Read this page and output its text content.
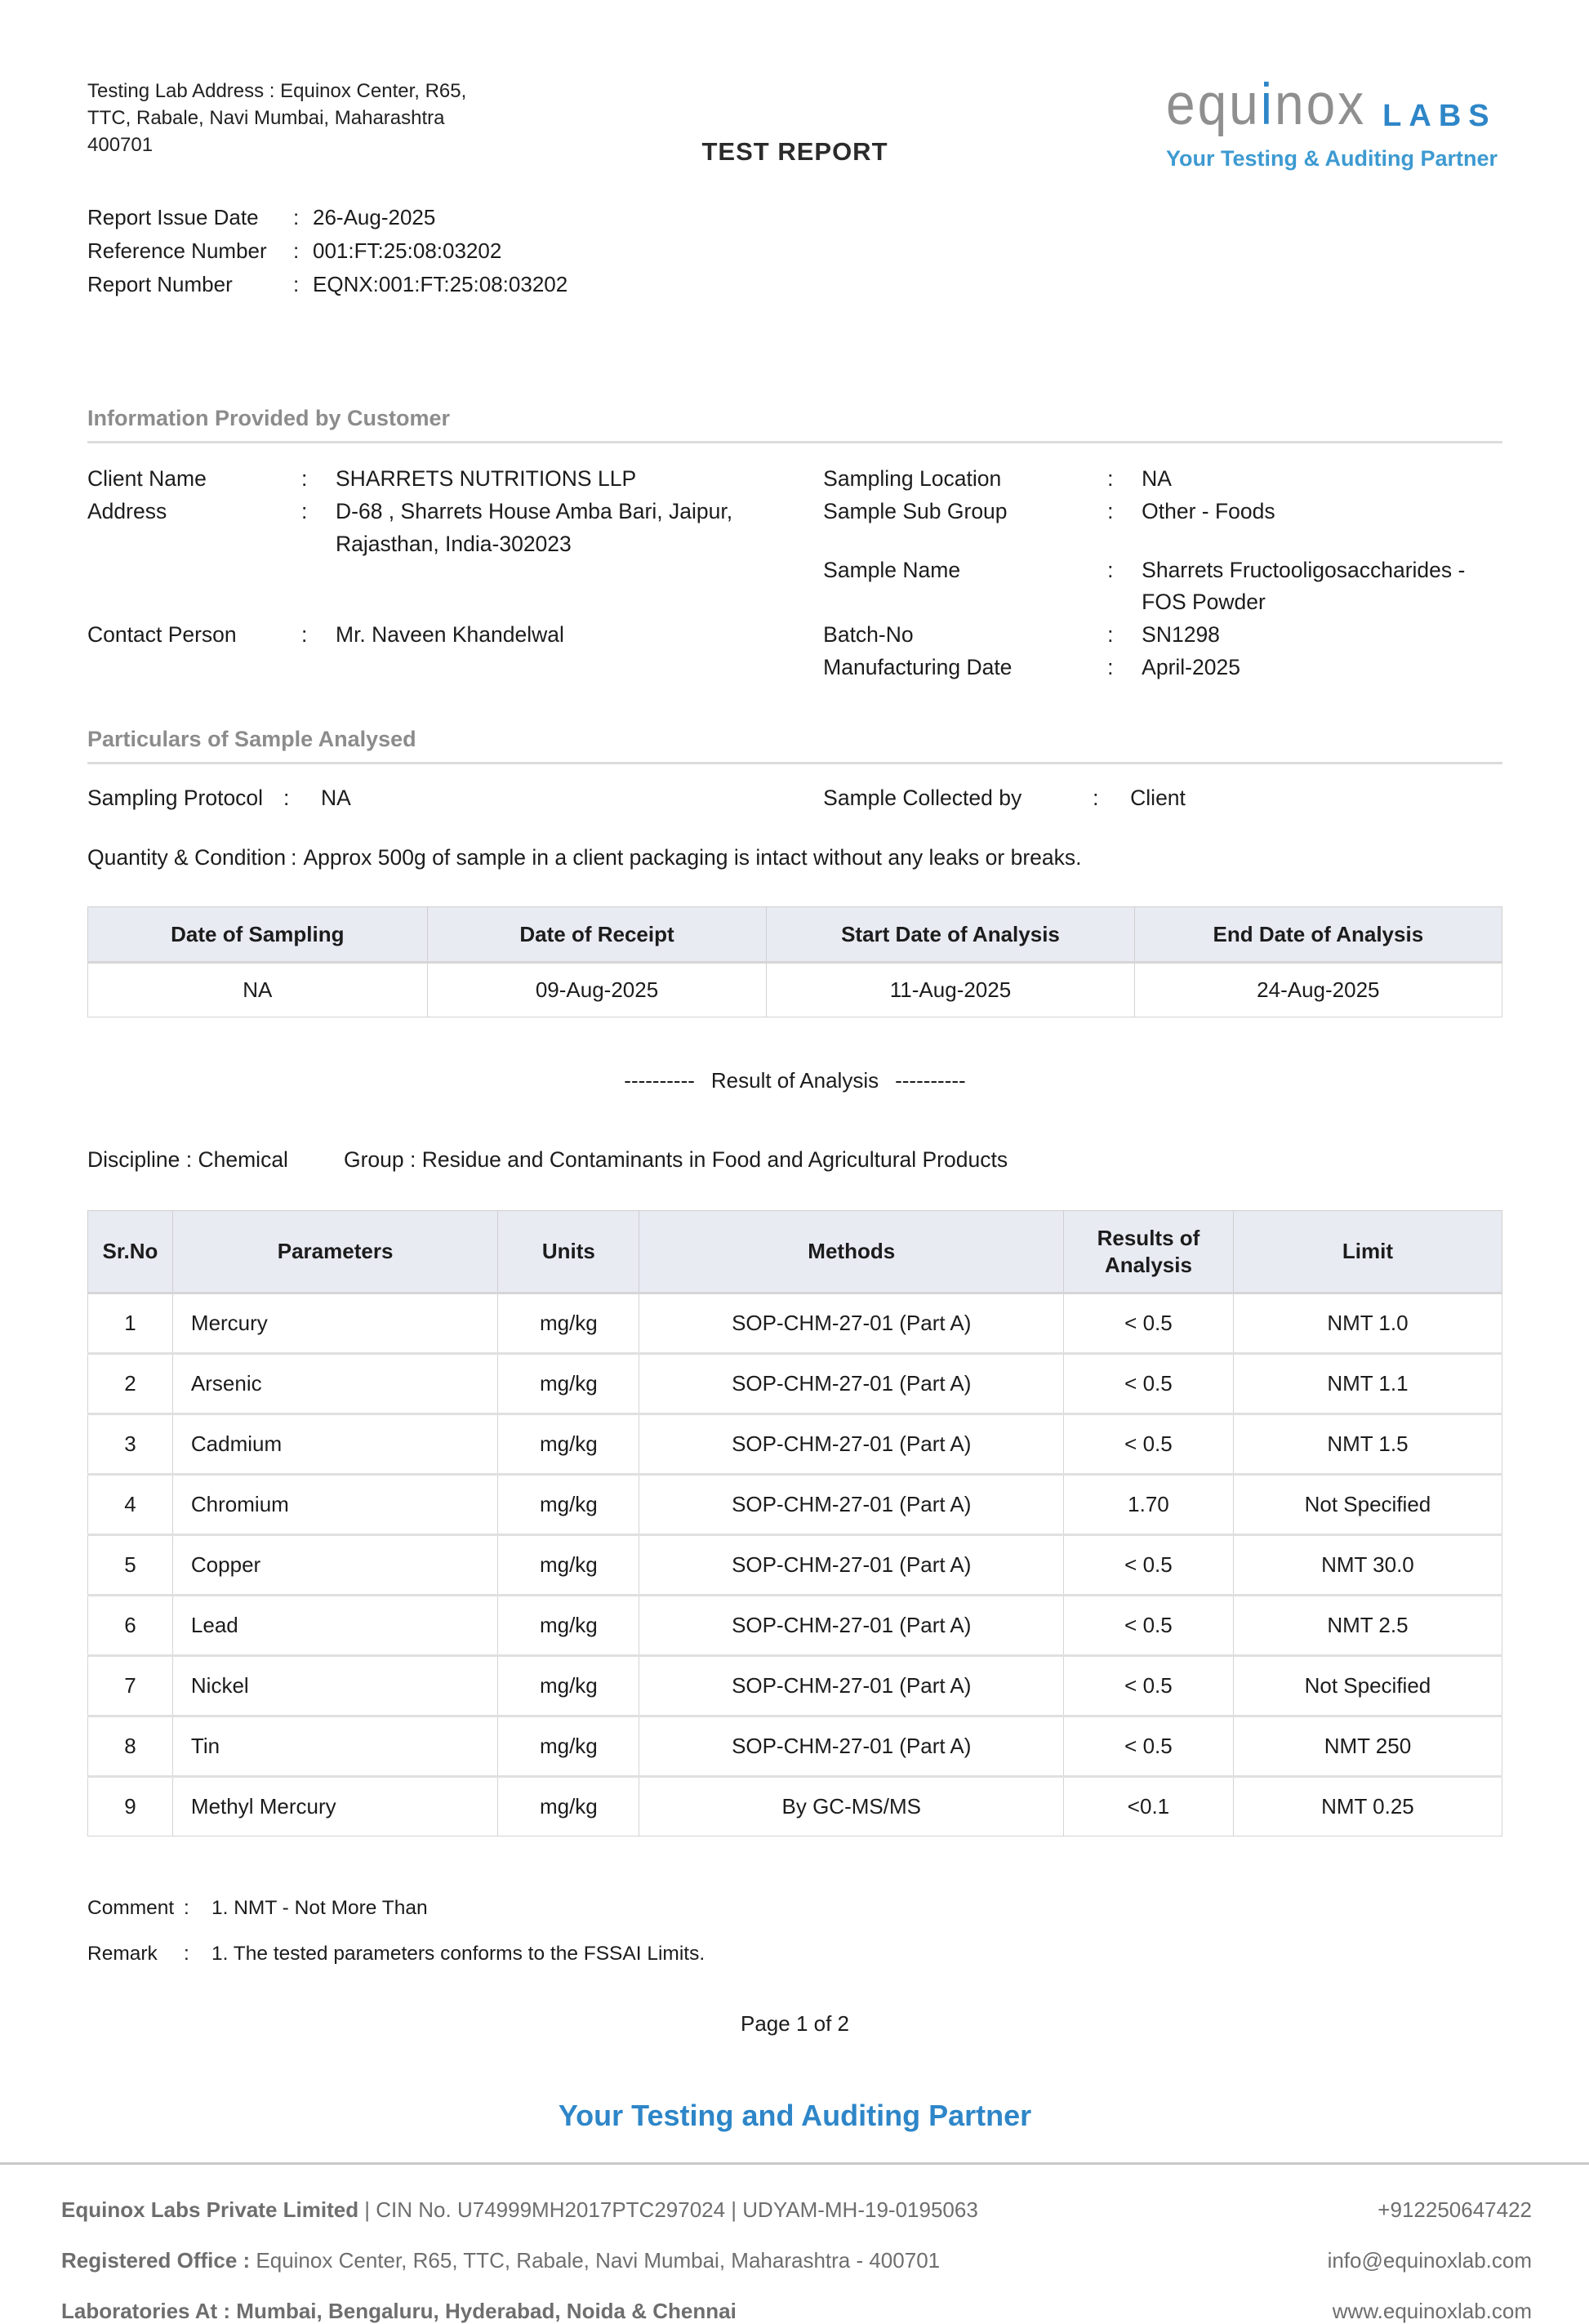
Testing Lab Address : Equinox Center, R65,
TTC, Rabale, Navi Mumbai, Maharashtra
400701
equinox LABS
Your Testing & Auditing Partner
TEST REPORT
Report Issue Date	: 26-Aug-2025
Reference Number	: 001:FT:25:08:03202
Report Number	: EQNX:001:FT:25:08:03202
Information Provided by Customer
Client Name	:	SHARRETS NUTRITIONS LLP
Address	:	D-68 , Sharrets House Amba Bari, Jaipur, Rajasthan, India-302023
Contact Person	:	Mr. Naveen Khandelwal
Sampling Location	:	NA
Sample Sub Group	:	Other - Foods
Sample Name	:	Sharrets Fructooligosaccharides - FOS Powder
Batch-No	:	SN1298
Manufacturing Date	:	April-2025
Particulars of Sample Analysed
Sampling Protocol :	NA	Sample Collected by	:	Client
Quantity & Condition : Approx 500g of sample in a client packaging is intact without any leaks or breaks.
Date of Sampling	Date of Receipt	Start Date of Analysis	End Date of Analysis
NA	09-Aug-2025	11-Aug-2025	24-Aug-2025
---------- Result of Analysis ----------
Discipline : Chemical	Group : Residue and Contaminants in Food and Agricultural Products
Sr.No	Parameters	Units	Methods	Results of Analysis	Limit
1	Mercury	mg/kg	SOP-CHM-27-01 (Part A)	< 0.5	NMT 1.0
2	Arsenic	mg/kg	SOP-CHM-27-01 (Part A)	< 0.5	NMT 1.1
3	Cadmium	mg/kg	SOP-CHM-27-01 (Part A)	< 0.5	NMT 1.5
4	Chromium	mg/kg	SOP-CHM-27-01 (Part A)	1.70	Not Specified
5	Copper	mg/kg	SOP-CHM-27-01 (Part A)	< 0.5	NMT 30.0
6	Lead	mg/kg	SOP-CHM-27-01 (Part A)	< 0.5	NMT 2.5
7	Nickel	mg/kg	SOP-CHM-27-01 (Part A)	< 0.5	Not Specified
8	Tin	mg/kg	SOP-CHM-27-01 (Part A)	< 0.5	NMT 250
9	Methyl Mercury	mg/kg	By GC-MS/MS	<0.1	NMT 0.25
Comment :	1. NMT - Not More Than
Remark	:	1. The tested parameters conforms to the FSSAI Limits.
Page 1 of 2
Your Testing and Auditing Partner
Equinox Labs Private Limited | CIN No. U74999MH2017PTC297024 | UDYAM-MH-19-0195063	+912250647422
Registered Office : Equinox Center, R65, TTC, Rabale, Navi Mumbai, Maharashtra - 400701	info@equinoxlab.com
Laboratories At : Mumbai, Bengaluru, Hyderabad, Noida & Chennai	www.equinoxlab.com
